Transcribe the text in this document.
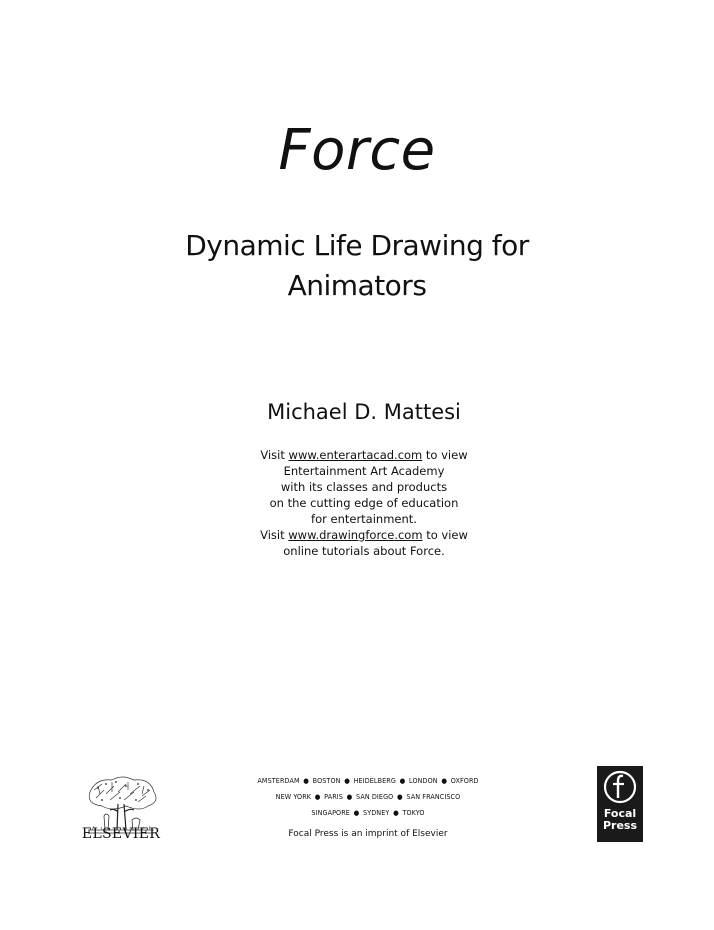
Force
Dynamic Life Drawing for
Animators
Michael D. Mattesi
Visit www.enterartacad.com to view
Entertainment Art Academy
with its classes and products
on the cutting edge of education
for entertainment.
Visit www.drawingforce.com to view
online tutorials about Force.
AMSTERDAM ● BOSTON ● HEIDELBERG ● LONDON ● OXFORD
NEW YORK ● PARIS ● SAN DIEGO ● SAN FRANCISCO
SINGAPORE ● SYDNEY ● TOKYO
Focal Press is an imprint of Elsevier
ELSEVIER
Focal
Press
